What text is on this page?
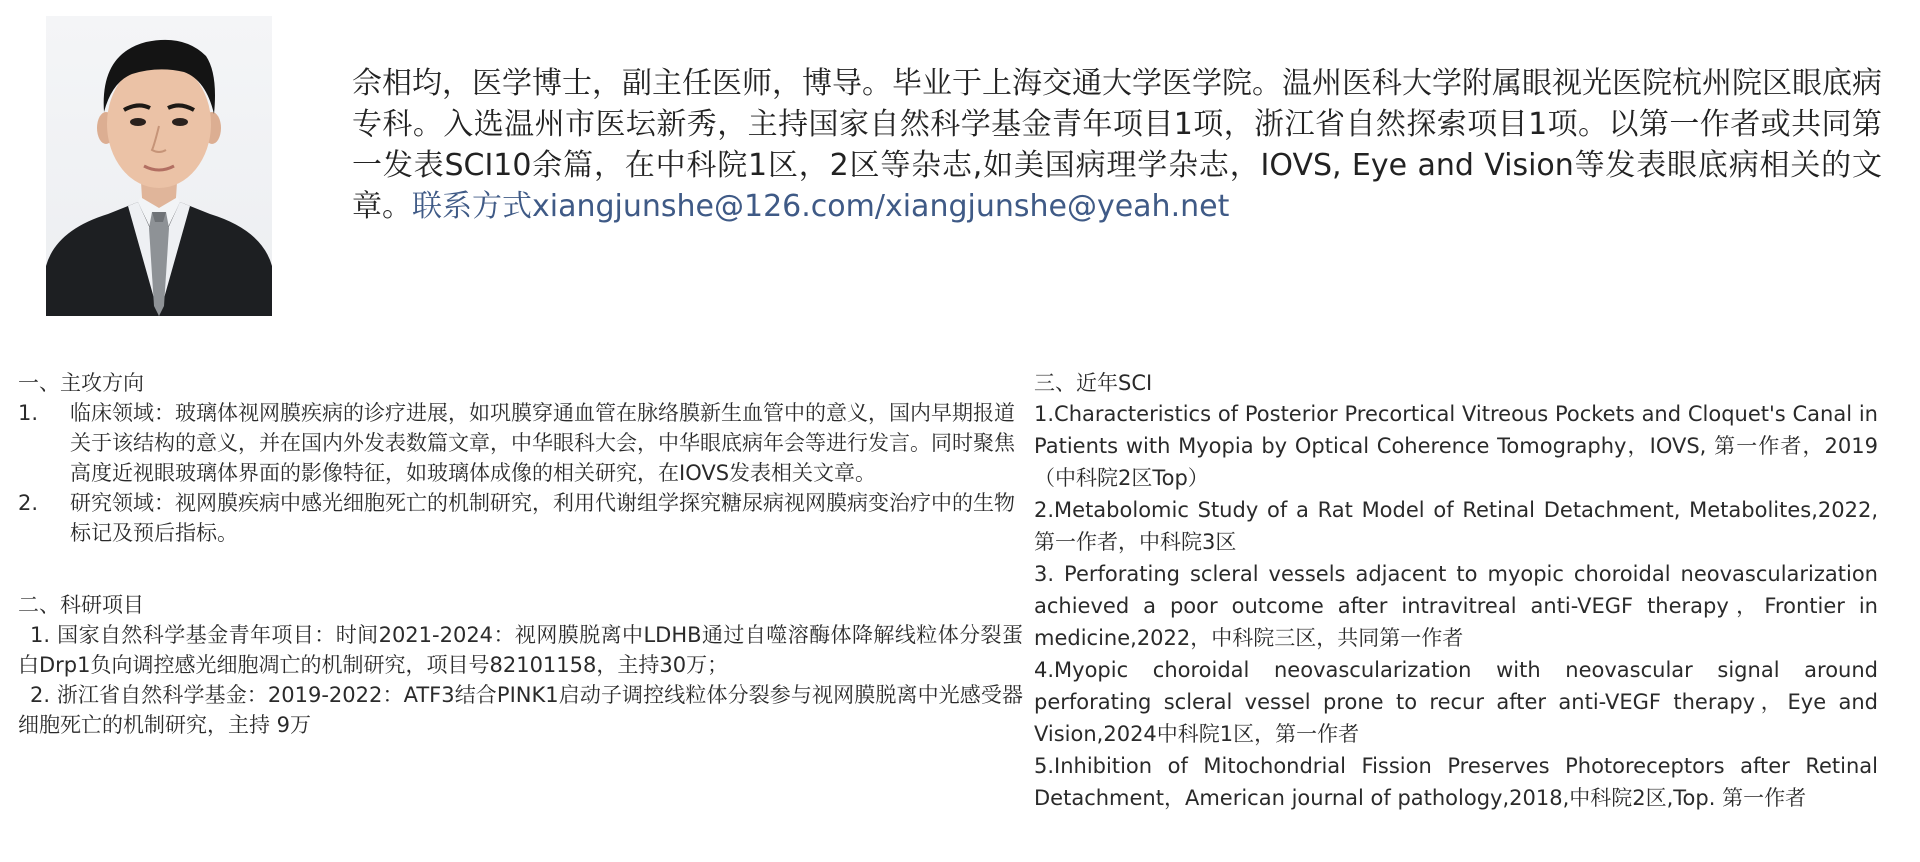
佘相均，医学博士，副主任医师，博导。毕业于上海交通大学医学院。温州医科大学附属眼视光医院杭州院区眼底病专科。入选温州市医坛新秀，主持国家自然科学基金青年项目1项，浙江省自然探索项目1项。以第一作者或共同第一发表SCI10余篇，在中科院1区，2区等杂志,如美国病理学杂志，IOVS, Eye and Vision等发表眼底病相关的文章。联系方式xiangjunshe@126.com/xiangjunshe@yeah.net
一、主攻方向
1.	临床领域：玻璃体视网膜疾病的诊疗进展，如巩膜穿通血管在脉络膜新生血管中的意义，国内早期报道关于该结构的意义，并在国内外发表数篇文章，中华眼科大会，中华眼底病年会等进行发言。同时聚焦高度近视眼玻璃体界面的影像特征，如玻璃体成像的相关研究，在IOVS发表相关文章。
2.	研究领域：视网膜疾病中感光细胞死亡的机制研究，利用代谢组学探究糖尿病视网膜病变治疗中的生物标记及预后指标。
二、科研项目
1. 国家自然科学基金青年项目：时间2021-2024：视网膜脱离中LDHB通过自噬溶酶体降解线粒体分裂蛋白Drp1负向调控感光细胞凋亡的机制研究，项目号82101158，主持30万；
2. 浙江省自然科学基金：2019-2022：ATF3结合PINK1启动子调控线粒体分裂参与视网膜脱离中光感受器细胞死亡的机制研究，主持 9万
三、近年SCI
1.Characteristics of Posterior Precortical Vitreous Pockets and Cloquet's Canal in Patients with Myopia by Optical Coherence Tomography，IOVS, 第一作者，2019（中科院2区Top）
2.Metabolomic Study of a Rat Model of Retinal Detachment, Metabolites,2022,第一作者，中科院3区
3. Perforating scleral vessels adjacent to myopic choroidal neovascularization achieved a poor outcome after intravitreal anti-VEGF therapy，Frontier in medicine,2022，中科院三区，共同第一作者
4.Myopic choroidal neovascularization with neovascular signal around perforating scleral vessel prone to recur after anti-VEGF therapy，Eye and Vision,2024中科院1区，第一作者
5.Inhibition of Mitochondrial Fission Preserves Photoreceptors after Retinal Detachment，American journal of pathology,2018,中科院2区,Top. 第一作者
